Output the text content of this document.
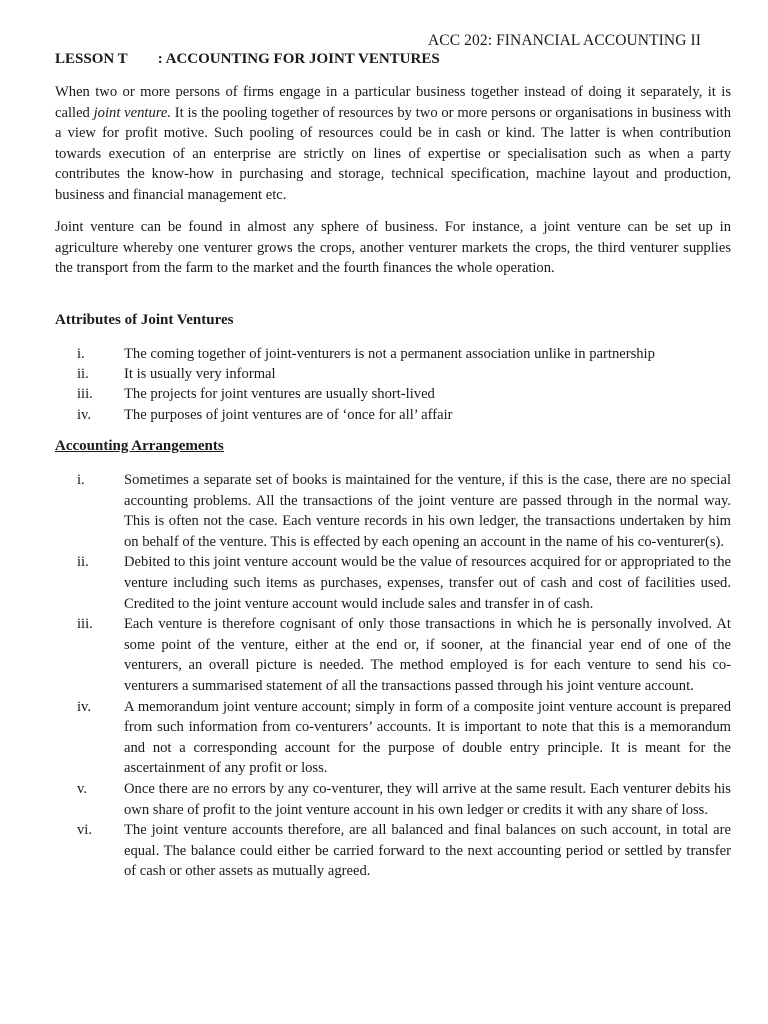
ACC 202: FINANCIAL ACCOUNTING II
LESSON T : ACCOUNTING FOR JOINT VENTURES

When two or more persons of firms engage in a particular business together instead of doing it separately, it is called joint venture. It is the pooling together of resources by two or more persons or organisations in business with a view for profit motive. Such pooling of resources could be in cash or kind. The latter is when contribution towards execution of an enterprise are strictly on lines of expertise or specialisation such as when a party contributes the know-how in purchasing and storage, technical specification, machine layout and production, business and financial management etc.

Joint venture can be found in almost any sphere of business. For instance, a joint venture can be set up in agriculture whereby one venturer grows the crops, another venturer markets the crops, the third venturer supplies the transport from the farm to the market and the fourth finances the whole operation.

Attributes of Joint Ventures
i.	The coming together of joint-venturers is not a permanent association unlike in partnership
ii. It is usually very informal
iii. The projects for joint ventures are usually short-lived
iv. The purposes of joint ventures are of ‘once for all’ affair
Accounting Arrangements
i.	Sometimes a separate set of books is maintained for the venture, if this is the case, there are no special accounting problems. All the transactions of the joint venture are passed through in the normal way. This is often not the case. Each venture records in his own ledger, the transactions undertaken by him on behalf of the venture. This is effected by each opening an account in the name of his co-venturer(s).
ii. Debited to this joint venture account would be the value of resources acquired for or appropriated to the venture including such items as purchases, expenses, transfer out of cash and cost of facilities used. Credited to the joint venture account would include sales and transfer in of cash.
iii. Each venture is therefore cognisant of only those transactions in which he is personally involved. At some point of the venture, either at the end or, if sooner, at the financial year end of one of the venturers, an overall picture is needed. The method employed is for each venture to send his co-venturers a summarised statement of all the transactions passed through his joint venture account.
iv. A memorandum joint venture account; simply in form of a composite joint venture account is prepared from such information from co-venturers’ accounts. It is important to note that this is a memorandum and not a corresponding account for the purpose of double entry principle. It is meant for the ascertainment of any profit or loss.
v.	Once there are no errors by any co-venturer, they will arrive at the same result. Each venturer debits his own share of profit to the joint venture account in his own ledger or credits it with any share of loss.
vi. The joint venture accounts therefore, are all balanced and final balances on such account, in total are equal. The balance could either be carried forward to the next accounting period or settled by transfer of cash or other assets as mutually agreed.
